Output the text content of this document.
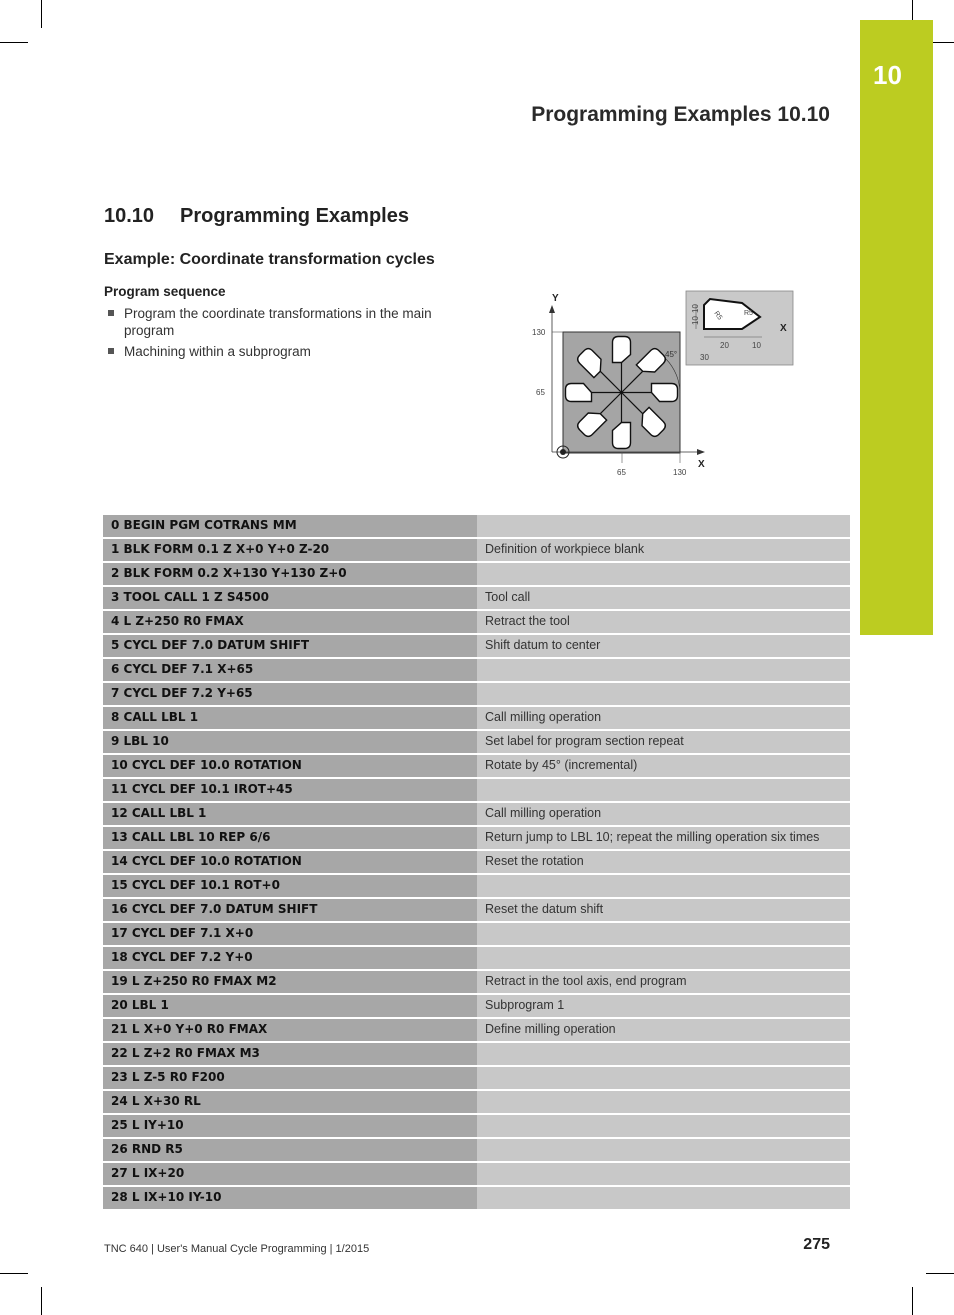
10
Programming Examples 10.10
10.10 Programming Examples
Example: Coordinate transformation cycles
Program sequence
Program the coordinate transformations in the main program
Machining within a subprogram	20	10
30
10
10
R5	R5
X
Y
X
65	130
130
65
45°
0 BEGIN PGM COTRANS MM	
1 BLK FORM 0.1 Z X+0 Y+0 Z-20	Definition of workpiece blank
2 BLK FORM 0.2 X+130 Y+130 Z+0	
3 TOOL CALL 1 Z S4500	Tool call
4 L Z+250 R0 FMAX	Retract the tool
5 CYCL DEF 7.0 DATUM SHIFT	Shift datum to center
6 CYCL DEF 7.1 X+65	
7 CYCL DEF 7.2 Y+65	
8 CALL LBL 1	Call milling operation
9 LBL 10	Set label for program section repeat
10 CYCL DEF 10.0 ROTATION	Rotate by 45° (incremental)
11 CYCL DEF 10.1 IROT+45	
12 CALL LBL 1	Call milling operation
13 CALL LBL 10 REP 6/6	Return jump to LBL 10; repeat the milling operation six times
14 CYCL DEF 10.0 ROTATION	Reset the rotation
15 CYCL DEF 10.1 ROT+0	
16 CYCL DEF 7.0 DATUM SHIFT	Reset the datum shift
17 CYCL DEF 7.1 X+0	
18 CYCL DEF 7.2 Y+0	
19 L Z+250 R0 FMAX M2	Retract in the tool axis, end program
20 LBL 1	Subprogram 1
21 L X+0 Y+0 R0 FMAX	Define milling operation
22 L Z+2 R0 FMAX M3	
23 L Z-5 R0 F200	
24 L X+30 RL	
25 L IY+10	
26 RND R5	
27 L IX+20	
28 L IX+10 IY-10	
TNC 640 | User's Manual Cycle Programming | 1/2015	275
